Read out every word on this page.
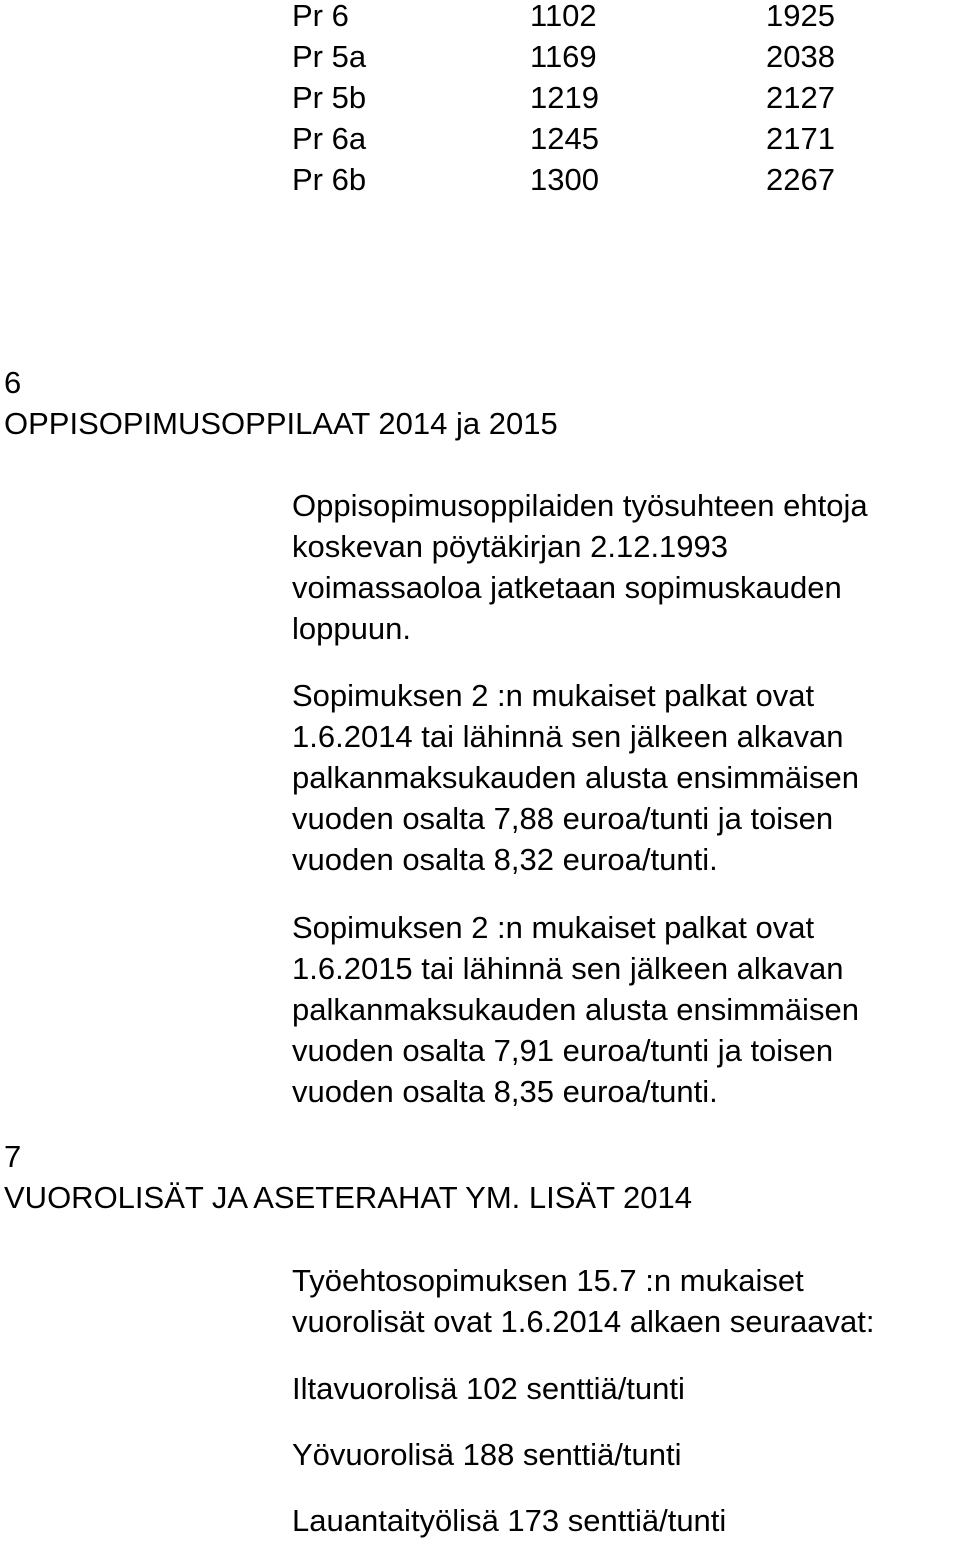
Pr 6	1102	1925
Pr 5a	1169	2038
Pr 5b	1219	2127
Pr 6a	1245	2171
Pr 6b	1300	2267
6
OPPISOPIMUSOPPILAAT 2014 ja 2015

Oppisopimusoppilaiden työsuhteen ehtoja

koskevan pöytäkirjan 2.12.1993

voimassaoloa jatketaan sopimuskauden

loppuun.

Sopimuksen 2 :n mukaiset palkat ovat

1.6.2014 tai lähinnä sen jälkeen alkavan

palkanmaksukauden alusta ensimmäisen

vuoden osalta 7,88 euroa/tunti ja toisen

vuoden osalta 8,32 euroa/tunti.

Sopimuksen 2 :n mukaiset palkat ovat

1.6.2015 tai lähinnä sen jälkeen alkavan

palkanmaksukauden alusta ensimmäisen

vuoden osalta 7,91 euroa/tunti ja toisen

vuoden osalta 8,35 euroa/tunti.

7
VUOROLISÄT JA ASETERAHAT YM. LISÄT 2014

Työehtosopimuksen 15.7 :n mukaiset

vuorolisät ovat 1.6.2014 alkaen seuraavat:

Iltavuorolisä 102 senttiä/tunti
Yövuorolisä 188 senttiä/tunti
Lauantaityölisä 173 senttiä/tunti
